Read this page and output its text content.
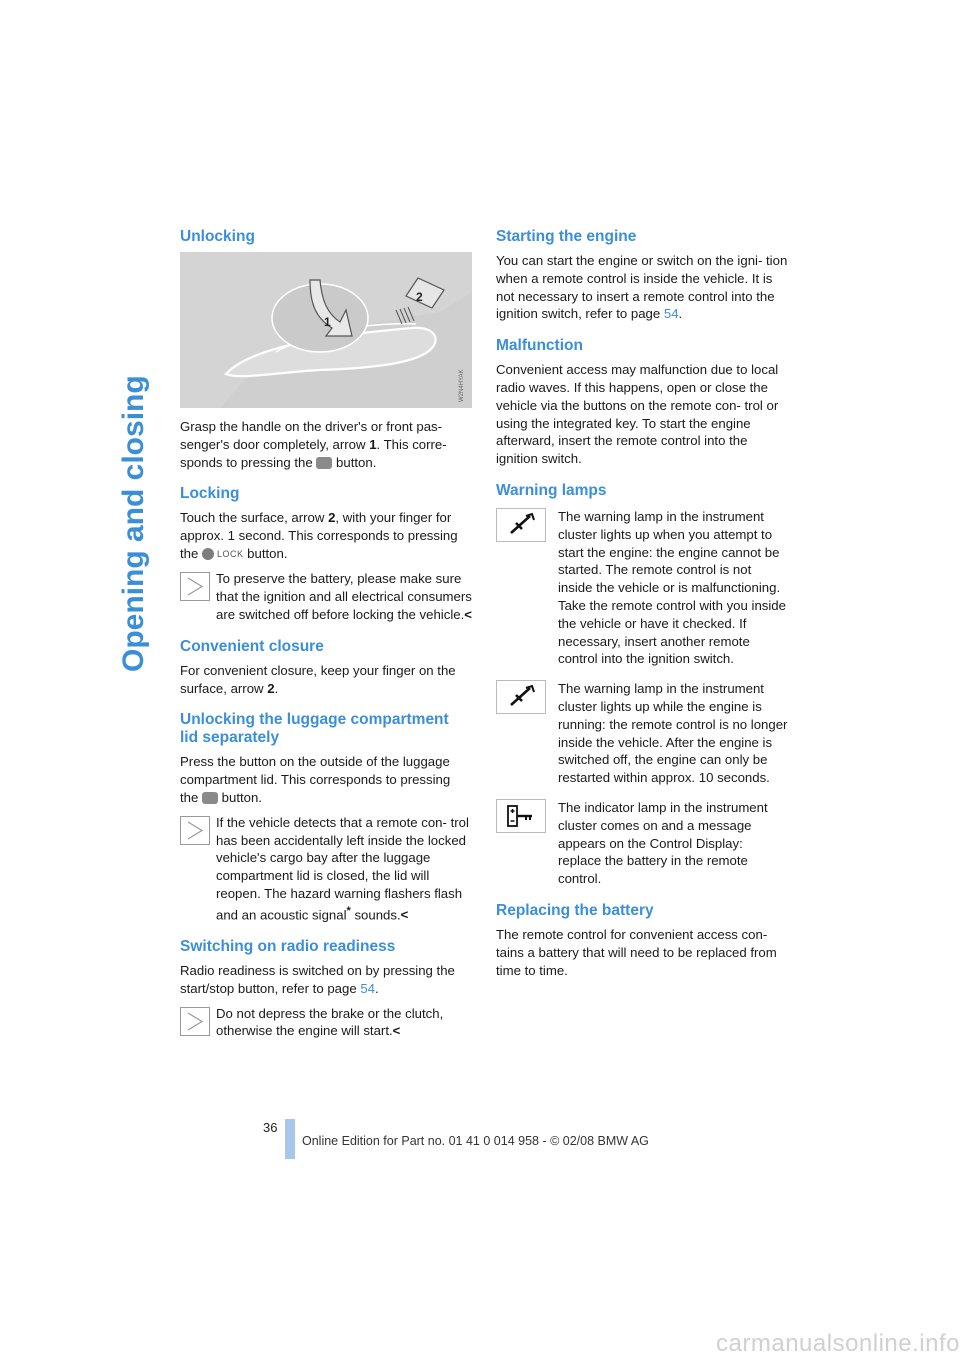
Opening and closing
Unlocking
1
2
W2N4HYAK

Grasp the handle on the driver's or front pas-
senger's door completely, arrow 1. This corre-
sponds to pressing the  button.

Locking

Touch the surface, arrow 2, with your finger for
approx. 1 second. This corresponds to pressing
the LOCK button.

To preserve the battery, please make sure that the ignition and all electrical consumers are switched off before locking the vehicle.<

Convenient closure

For convenient closure, keep your finger on the
surface, arrow 2.

Unlocking the luggage compartment
lid separately

Press the button on the outside of the luggage
compartment lid. This corresponds to pressing
the  button.

If the vehicle detects that a remote con- trol has been accidentally left inside the locked vehicle's cargo bay after the luggage compartment lid is closed, the lid will reopen. The hazard warning flashers flash and an acoustic signal* sounds.<

Switching on radio readiness

Radio readiness is switched on by pressing the
start/stop button, refer to page 54.

Do not depress the brake or the clutch, otherwise the engine will start.<

Starting the engine

You can start the engine or switch on the igni- tion when a remote control is inside the vehicle. It is not necessary to insert a remote control into the ignition switch, refer to page 54.

Malfunction

Convenient access may malfunction due to local radio waves. If this happens, open or close the vehicle via the buttons on the remote con- trol or using the integrated key. To start the engine afterward, insert the remote control into the ignition switch.

Warning lamps

The warning lamp in the instrument cluster lights up when you attempt to start the engine: the engine cannot be started. The remote control is not inside the vehicle or is malfunctioning. Take the remote control with you inside the vehicle or have it checked. If necessary, insert another remote control into the ignition switch.

The warning lamp in the instrument cluster lights up while the engine is running: the remote control is no longer inside the vehicle. After the engine is switched off, the engine can only be restarted within approx. 10 seconds.

The indicator lamp in the instrument cluster comes on and a message appears on the Control Display: replace the battery in the remote control.

Replacing the battery

The remote control for convenient access con- tains a battery that will need to be replaced from time to time.

36
Online Edition for Part no. 01 41 0 014 958 - © 02/08 BMW AG
carmanualsonline.info
